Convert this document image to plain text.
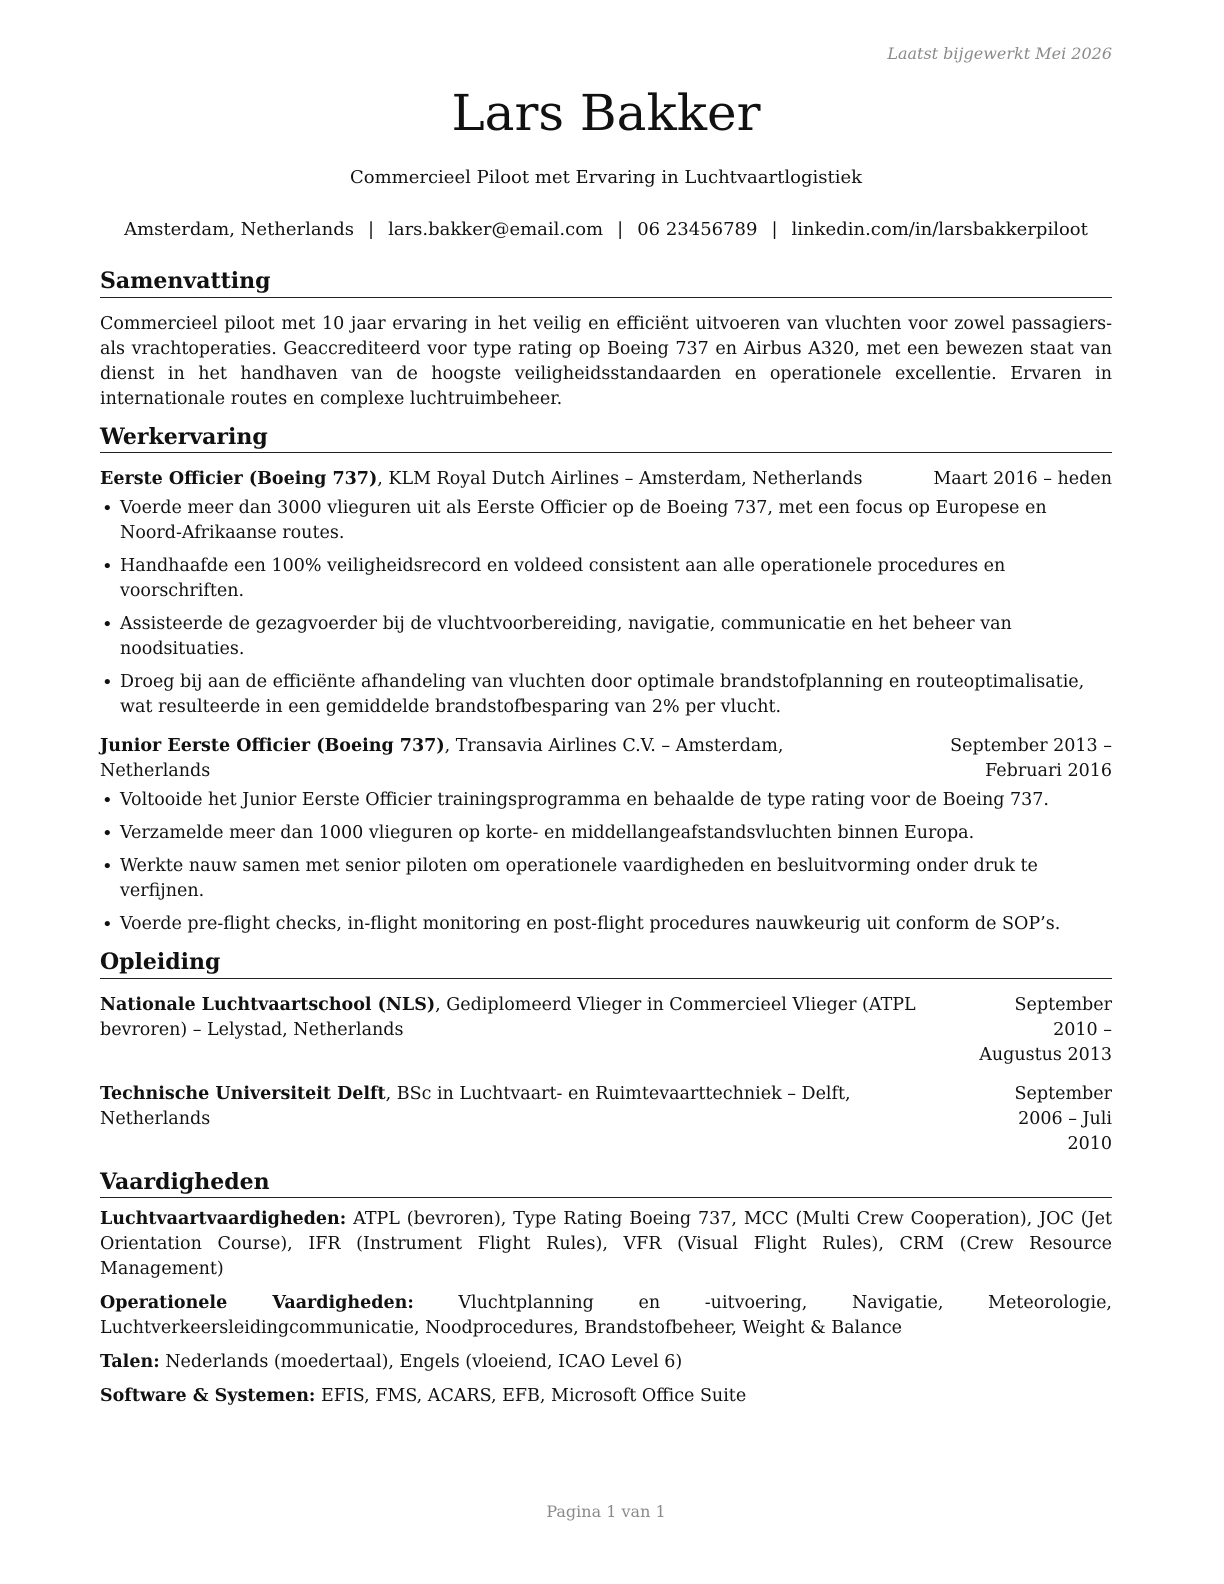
Laatst bijgewerkt Mei 2026
Lars Bakker
Commercieel Piloot met Ervaring in Luchtvaartlogistiek
Amsterdam, Netherlands | lars.bakker@email.com | 06 23456789 | linkedin.com/in/larsbakkerpiloot
Samenvatting

Commercieel piloot met 10 jaar ervaring in het veilig en efficiënt uitvoeren van vluchten voor zowel passagiers- als vrachtoperaties. Geaccrediteerd voor type rating op Boeing 737 en Airbus A320, met een bewezen staat van dienst in het handhaven van de hoogste veiligheidsstandaarden en operationele excellentie. Ervaren in internationale routes en complexe luchtruimbeheer.

Werkervaring
Eerste Officier (Boeing 737), KLM Royal Dutch Airlines – Amsterdam, Netherlands	Maart 2016 – heden
• Voerde meer dan 3000 vlieguren uit als Eerste Officier op de Boeing 737, met een focus op Europese en Noord-Afrikaanse routes.
• Handhaafde een 100% veiligheidsrecord en voldeed consistent aan alle operationele procedures en voorschriften.
• Assisteerde de gezagvoerder bij de vluchtvoorbereiding, navigatie, communicatie en het beheer van noodsituaties.
• Droeg bij aan de efficiënte afhandeling van vluchten door optimale brandstofplanning en routeoptimalisatie, wat resulteerde in een gemiddelde brandstofbesparing van 2% per vlucht.
Junior Eerste Officier (Boeing 737), Transavia Airlines C.V. – Amsterdam, Netherlands
September 2013 – Februari 2016
• Voltooide het Junior Eerste Officier trainingsprogramma en behaalde de type rating voor de Boeing 737.
• Verzamelde meer dan 1000 vlieguren op korte- en middellangeafstandsvluchten binnen Europa.
• Werkte nauw samen met senior piloten om operationele vaardigheden en besluitvorming onder druk te verfijnen.
• Voerde pre-flight checks, in-flight monitoring en post-flight procedures nauwkeurig uit conform de SOP’s.
Opleiding
Nationale Luchtvaartschool (NLS), Gediplomeerd Vlieger in Commercieel Vlieger (ATPL bevroren) – Lelystad, Netherlands
September 2010 – Augustus 2013
Technische Universiteit Delft, BSc in Luchtvaart- en Ruimtevaarttechniek – Delft, Netherlands
September 2006 – Juli 2010
Vaardigheden
Luchtvaartvaardigheden: ATPL (bevroren), Type Rating Boeing 737, MCC (Multi Crew Cooperation), JOC (Jet Orientation Course), IFR (Instrument Flight Rules), VFR (Visual Flight Rules), CRM (Crew Resource Management)
Operationele Vaardigheden: Vluchtplanning en -uitvoering, Navigatie, Meteorologie, Luchtverkeersleidingcommunicatie, Noodprocedures, Brandstofbeheer, Weight & Balance
Talen: Nederlands (moedertaal), Engels (vloeiend, ICAO Level 6)
Software & Systemen: EFIS, FMS, ACARS, EFB, Microsoft Office Suite
Pagina 1 van 1
